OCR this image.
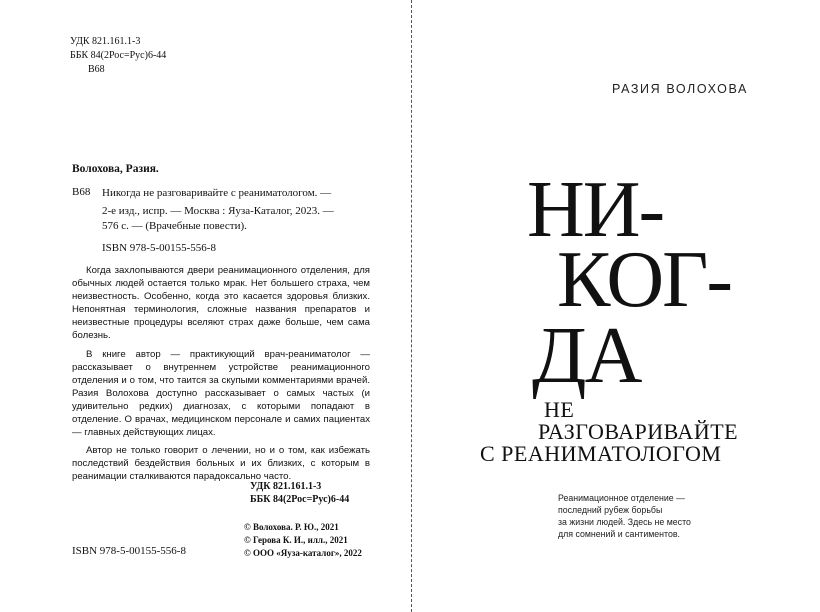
УДК 821.161.1-3
ББК 84(2Рос=Рус)6-44
В68
Волохова, Разия.
В68 Никогда не разговаривайте с реаниматологом. —
2-е изд., испр. — Москва : Яуза-Каталог, 2023. —
576 с. — (Врачебные повести).
ISBN 978-5-00155-556-8

Когда захлопываются двери реанимационного отделения, для обычных людей остается только мрак. Нет большего страха, чем неизвестность. Особенно, когда это касается здоровья близких. Непонятная терминология, сложные названия препаратов и неизвестные процедуры вселяют страх даже больше, чем сама болезнь.

В книге автор — практикующий врач-реаниматолог — рассказывает о внутреннем устройстве реанимационного отделения и о том, что таится за скупыми комментариями врачей. Разия Волохова доступно рассказывает о самых частых (и удивительно редких) диагнозах, с которыми попадают в отделение. О врачах, медицинском персонале и самих пациентах — главных действующих лицах.

Автор не только говорит о лечении, но и о том, как избежать последствий бездействия больных и их близких, с которым в реанимации сталкиваются парадоксально часто.

УДК 821.161.1-3
ББК 84(2Рос=Рус)6-44
© Волохова. Р. Ю., 2021
© Герова К. И., илл., 2021
© ООО «Яуза-каталог», 2022
ISBN 978-5-00155-556-8
РАЗИЯ ВОЛОХОВА
НИ-
КОГ-
ДА
НЕ
РАЗГОВАРИВАЙТЕ
С РЕАНИМАТОЛОГОМ
Реанимационное отделение —
последний рубеж борьбы
за жизни людей. Здесь не место
для сомнений и сантиментов.
